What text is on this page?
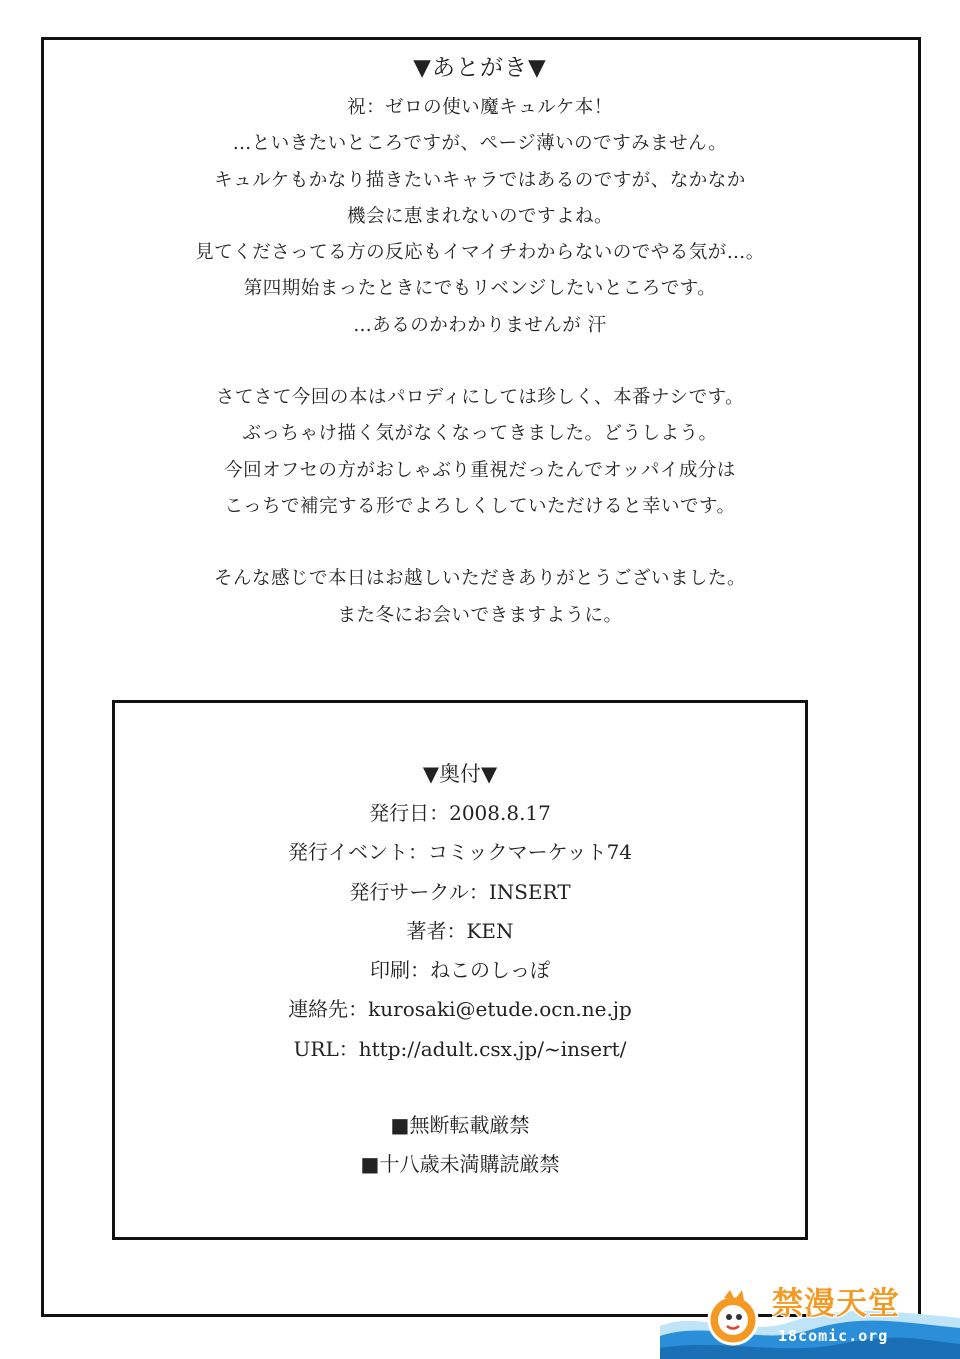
▼あとがき▼
祝：ゼロの使い魔キュルケ本！
…といきたいところですが、ページ薄いのですみません。
キュルケもかなり描きたいキャラではあるのですが、なかなか
機会に恵まれないのですよね。
見てくださってる方の反応もイマイチわからないのでやる気が…。
第四期始まったときにでもリベンジしたいところです。
…あるのかわかりませんが 汗
さてさて今回の本はパロディにしては珍しく、本番ナシです。
ぶっちゃけ描く気がなくなってきました。どうしよう。
今回オフセの方がおしゃぶり重視だったんでオッパイ成分は
こっちで補完する形でよろしくしていただけると幸いです。
そんな感じで本日はお越しいただきありがとうございました。
また冬にお会いできますように。
▼奥付▼
発行日：2008.8.17
発行イベント：コミックマーケット74
発行サークル：INSERT
著者：KEN
印刷：ねこのしっぽ
連絡先：kurosaki@etude.ocn.ne.jp
URL：http://adult.csx.jp/~insert/
■無断転載厳禁
■十八歳未満購読厳禁
禁漫天堂
18comic.org
